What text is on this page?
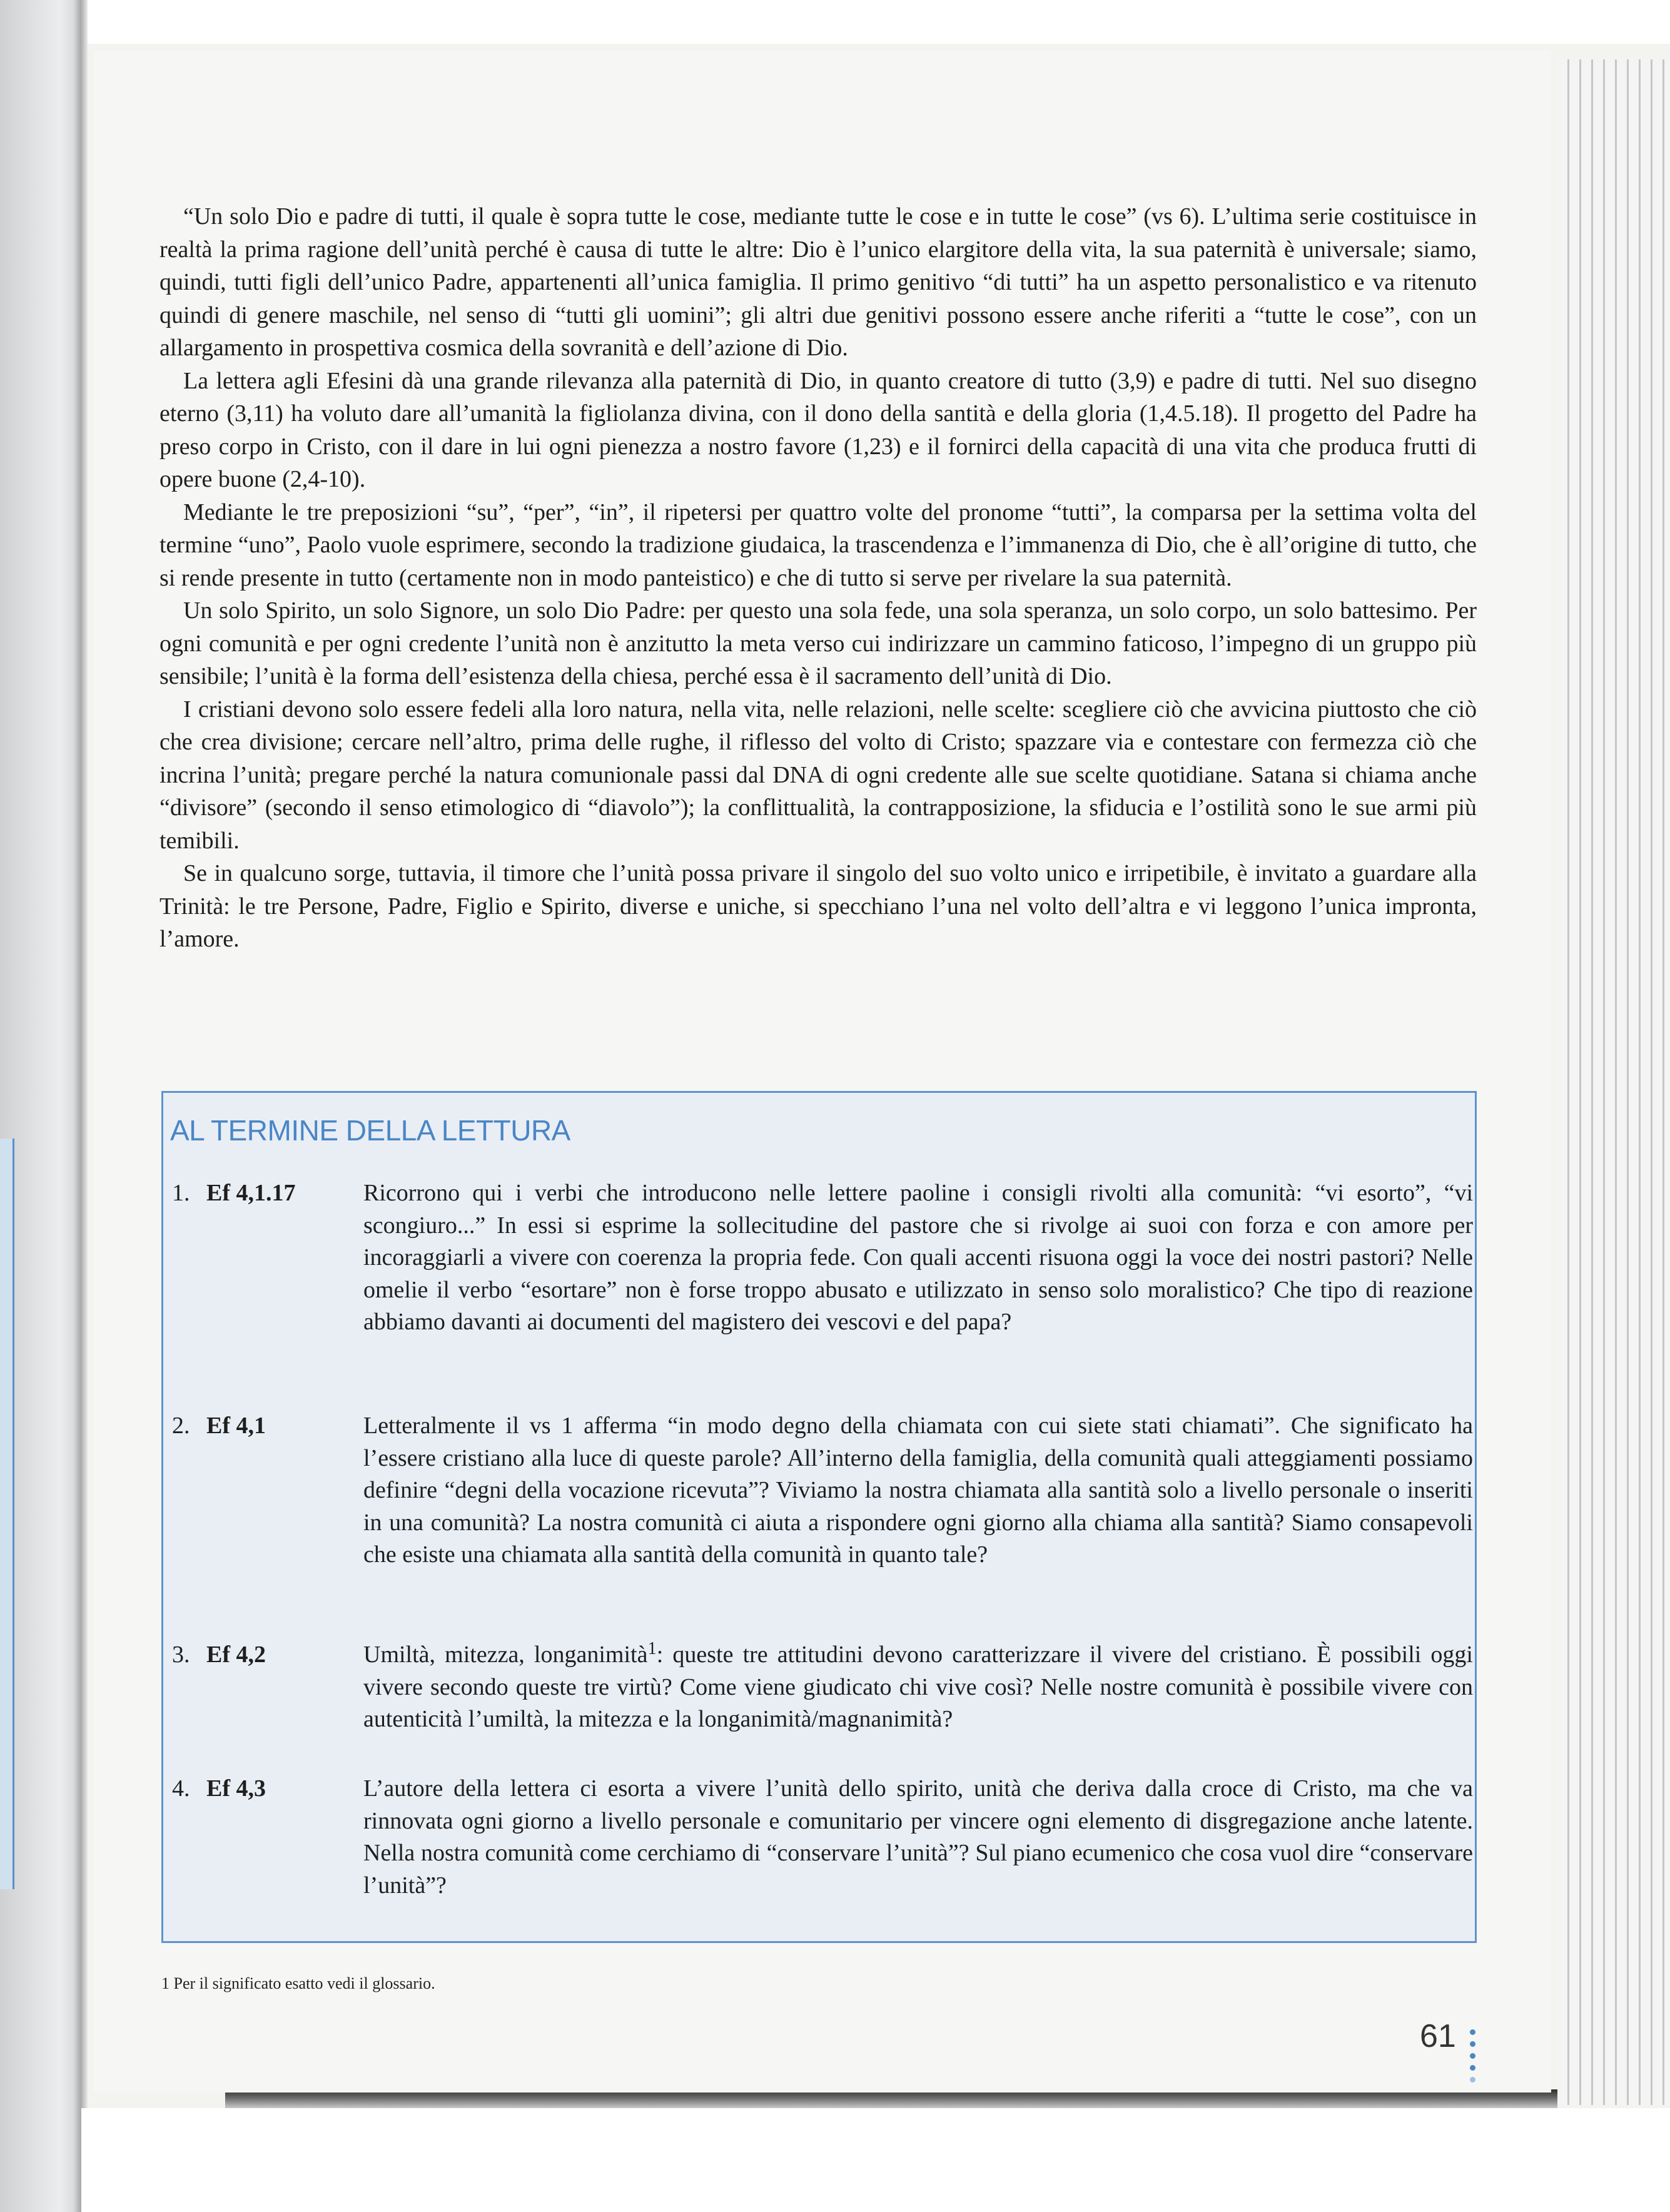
“Un solo Dio e padre di tutti, il quale è sopra tutte le cose, mediante tutte le cose e in tutte le cose” (vs 6). L’ultima serie costituisce in realtà la prima ragione dell’unità perché è causa di tutte le altre: Dio è l’unico elargitore della vita, la sua paternità è universale; siamo, quindi, tutti figli dell’unico Padre, appartenenti all’unica famiglia. Il primo genitivo “di tutti” ha un aspetto personalistico e va ritenuto quindi di genere maschile, nel senso di “tutti gli uomini”; gli altri due genitivi possono essere anche riferiti a “tutte le cose”, con un allargamento in prospettiva cosmica della sovranità e dell’azione di Dio.

La lettera agli Efesini dà una grande rilevanza alla paternità di Dio, in quanto creatore di tutto (3,9) e padre di tutti. Nel suo disegno eterno (3,11) ha voluto dare all’umanità la figliolanza divina, con il dono della santità e della gloria (1,4.5.18). Il progetto del Padre ha preso corpo in Cristo, con il dare in lui ogni pienezza a nostro favore (1,23) e il fornirci della capacità di una vita che produca frutti di opere buone (2,4-10).

Mediante le tre preposizioni “su”, “per”, “in”, il ripetersi per quattro volte del pronome “tutti”, la comparsa per la settima volta del termine “uno”, Paolo vuole esprimere, secondo la tradizione giudaica, la trascendenza e l’immanenza di Dio, che è all’origine di tutto, che si rende presente in tutto (certamente non in modo panteistico) e che di tutto si serve per rivelare la sua paternità.

Un solo Spirito, un solo Signore, un solo Dio Padre: per questo una sola fede, una sola speranza, un solo corpo, un solo battesimo. Per ogni comunità e per ogni credente l’unità non è anzitutto la meta verso cui indirizzare un cammino faticoso, l’impegno di un gruppo più sensibile; l’unità è la forma dell’esistenza della chiesa, perché essa è il sacramento dell’unità di Dio.

I cristiani devono solo essere fedeli alla loro natura, nella vita, nelle relazioni, nelle scelte: scegliere ciò che avvicina piuttosto che ciò che crea divisione; cercare nell’altro, prima delle rughe, il riflesso del volto di Cristo; spazzare via e contestare con fermezza ciò che incrina l’unità; pregare perché la natura comunionale passi dal DNA di ogni credente alle sue scelte quotidiane. Satana si chiama anche “divisore” (secondo il senso etimologico di “diavolo”); la conflittualità, la contrapposizione, la sfiducia e l’ostilità sono le sue armi più temibili.

Se in qualcuno sorge, tuttavia, il timore che l’unità possa privare il singolo del suo volto unico e irripetibile, è invitato a guardare alla Trinità: le tre Persone, Padre, Figlio e Spirito, diverse e uniche, si specchiano l’una nel volto dell’altra e vi leggono l’unica impronta, l’amore.

AL TERMINE DELLA LETTURA
1. Ef 4,1.17	Ricorrono qui i verbi che introducono nelle lettere paoline i consigli rivolti alla comunità: “vi esorto”, “vi scongiuro...” In essi si esprime la sollecitudine del pastore che si rivolge ai suoi con forza e con amore per incoraggiarli a vivere con coerenza la propria fede. Con quali accenti risuona oggi la voce dei nostri pastori? Nelle omelie il verbo “esortare” non è forse troppo abusato e utilizzato in senso solo moralistico? Che tipo di reazione abbiamo davanti ai documenti del magistero dei vescovi e del papa?
2. Ef 4,1	Letteralmente il vs 1 afferma “in modo degno della chiamata con cui siete stati chiamati”. Che significato ha l’essere cristiano alla luce di queste parole? All’interno della famiglia, della comunità quali atteggiamenti possiamo definire “degni della vocazione ricevuta”? Viviamo la nostra chiamata alla santità solo a livello personale o inseriti in una comunità? La nostra comunità ci aiuta a rispondere ogni giorno alla chiama alla santità? Siamo consapevoli che esiste una chiamata alla santità della comunità in quanto tale?
3. Ef 4,2	Umiltà, mitezza, longanimità$^1$: queste tre attitudini devono caratterizzare il vivere del cristiano. È possibili oggi vivere secondo queste tre virtù? Come viene giudicato chi vive così? Nelle nostre comunità è possibile vivere con autenticità l’umiltà, la mitezza e la longanimità/magnanimità?
4. Ef 4,3	L’autore della lettera ci esorta a vivere l’unità dello spirito, unità che deriva dalla croce di Cristo, ma che va rinnovata ogni giorno a livello personale e comunitario per vincere ogni elemento di disgregazione anche latente. Nella nostra comunità come cerchiamo di “conservare l’unità”? Sul piano ecumenico che cosa vuol dire “conservare l’unità”?
1 Per il significato esatto vedi il glossario.
61
